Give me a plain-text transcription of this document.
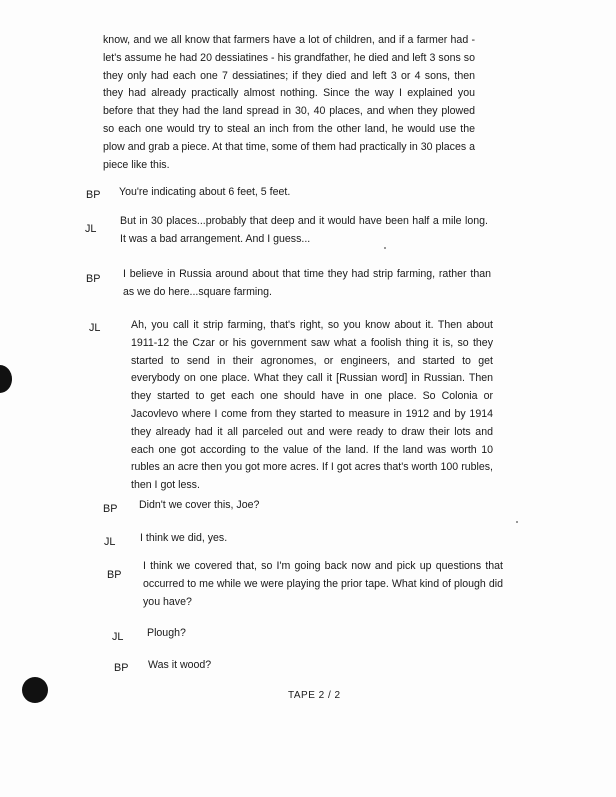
know, and we all know that farmers have a lot of children, and if a farmer had - let's assume he had 20 dessiatines - his grandfather, he died and left 3 sons so they only had each one 7 dessiatines; if they died and left 3 or 4 sons, then they had already practically almost nothing. Since the way I explained you before that they had the land spread in 30, 40 places, and when they plowed so each one would try to steal an inch from the other land, he would use the plow and grab a piece. At that time, some of them had practically in 30 places a piece like this.
BP You're indicating about 6 feet, 5 feet.
JL
But in 30 places...probably that deep and it would have been half a mile long. It was a bad arrangement. And I guess...
BP I believe in Russia around about that time they had strip farming, rather than as we do here...square farming.
JL	Ah, you call it strip farming, that's right, so you know about it. Then about 1911-12 the Czar or his government saw what a foolish thing it is, so they started to send in their agronomes, or engineers, and started to get everybody on one place. What they call it [Russian word] in Russian. Then they started to get each one should have in one place. So Colonia or Jacovlevo where I come from they started to measure in 1912 and by 1914 they already had it all parceled out and were ready to draw their lots and each one got according to the value of the land. If the land was worth 10 rubles an acre then you got more acres. If I got acres that's worth 100 rubles, then I got less.
BP Didn't we cover this, Joe?
JL I think we did, yes.
BP
I think we covered that, so I'm going back now and pick up questions that occurred to me while we were playing the prior tape. What kind of plough did you have?
JL Plough?
BP Was it wood?
TAPE 2 / 2
